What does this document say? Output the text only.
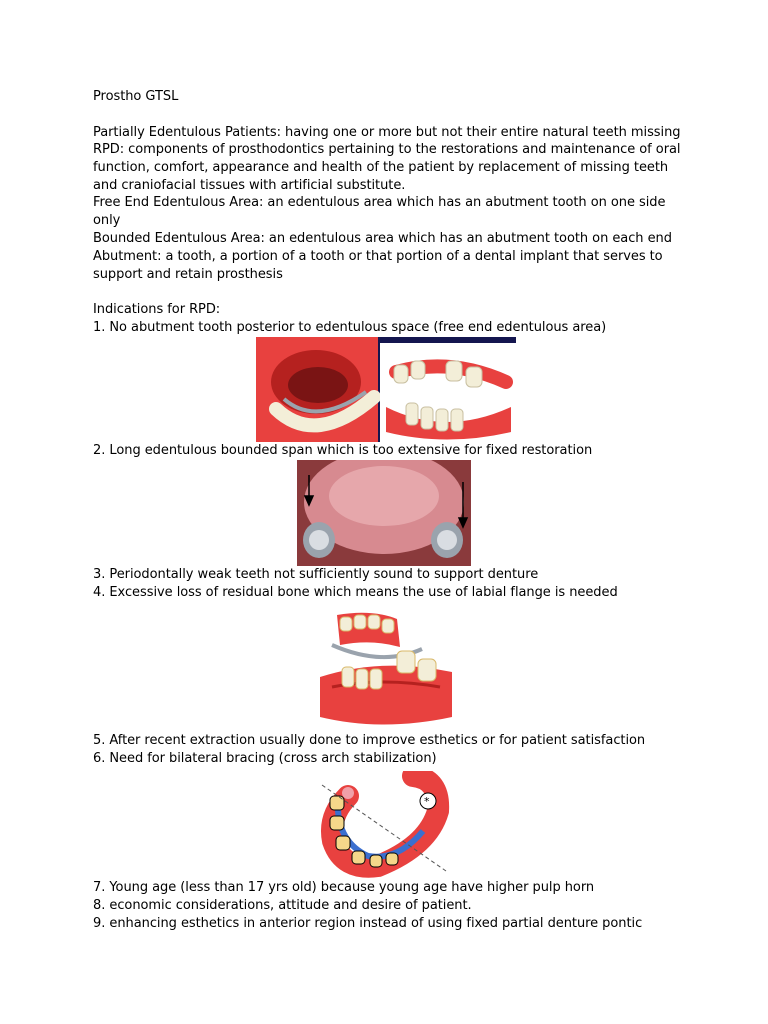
Prostho GTSL
Partially Edentulous Patients: having one or more but not their entire natural teeth missing
RPD: components of prosthodontics pertaining to the restorations and maintenance of oral
function, comfort, appearance and health of the patient by replacement of missing teeth
and craniofacial tissues with artificial substitute.
Free End Edentulous Area: an edentulous area which has an abutment tooth on one side
only
Bounded Edentulous Area: an edentulous area which has an abutment tooth on each end
Abutment: a tooth, a portion of a tooth or that portion of a dental implant that serves to
support and retain prosthesis
Indications for RPD:
1. No abutment tooth posterior to edentulous space (free end edentulous area)
2. Long edentulous bounded span which is too extensive for fixed restoration
3. Periodontally weak teeth not sufficiently sound to support denture
4. Excessive loss of residual bone which means the use of labial flange is needed
5. After recent extraction usually done to improve esthetics or for patient satisfaction
6. Need for bilateral bracing (cross arch stabilization)
*
7. Young age (less than 17 yrs old) because young age have higher pulp horn
8. economic considerations, attitude and desire of patient.
9. enhancing esthetics in anterior region instead of using fixed partial denture pontic
